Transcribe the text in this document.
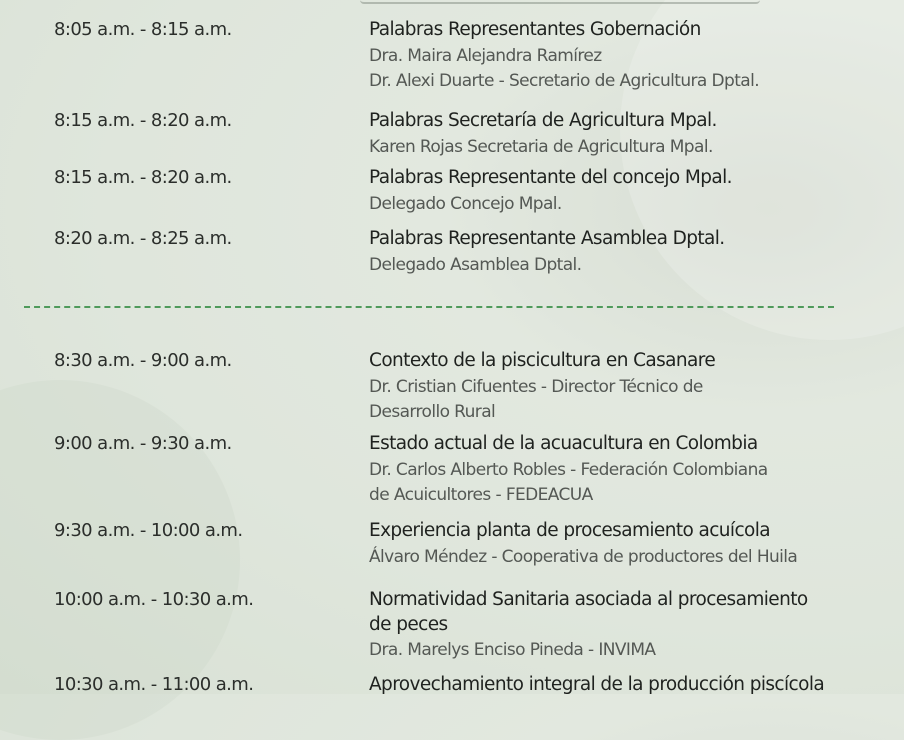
8:05 a.m. - 8:15 a.m.	Palabras Representantes Gobernación
Dra. Maira Alejandra Ramírez
Dr. Alexi Duarte - Secretario de Agricultura Dptal.
8:15 a.m. - 8:20 a.m.	Palabras Secretaría de Agricultura Mpal.
Karen Rojas Secretaria de Agricultura Mpal.
8:15 a.m. - 8:20 a.m.	Palabras Representante del concejo Mpal.
Delegado Concejo Mpal.
8:20 a.m. - 8:25 a.m.	Palabras Representante Asamblea Dptal.
Delegado Asamblea Dptal.
8:30 a.m. - 9:00 a.m.	Contexto de la piscicultura en Casanare
Dr. Cristian Cifuentes - Director Técnico de
Desarrollo Rural
9:00 a.m. - 9:30 a.m.	Estado actual de la acuacultura en Colombia
Dr. Carlos Alberto Robles - Federación Colombiana
de Acuicultores - FEDEACUA
9:30 a.m. - 10:00 a.m.	Experiencia planta de procesamiento acuícola
Álvaro Méndez - Cooperativa de productores del Huila
10:00 a.m. - 10:30 a.m.	Normatividad Sanitaria asociada al procesamiento
de peces
Dra. Marelys Enciso Pineda - INVIMA
10:30 a.m. - 11:00 a.m.	Aprovechamiento integral de la producción piscícola
